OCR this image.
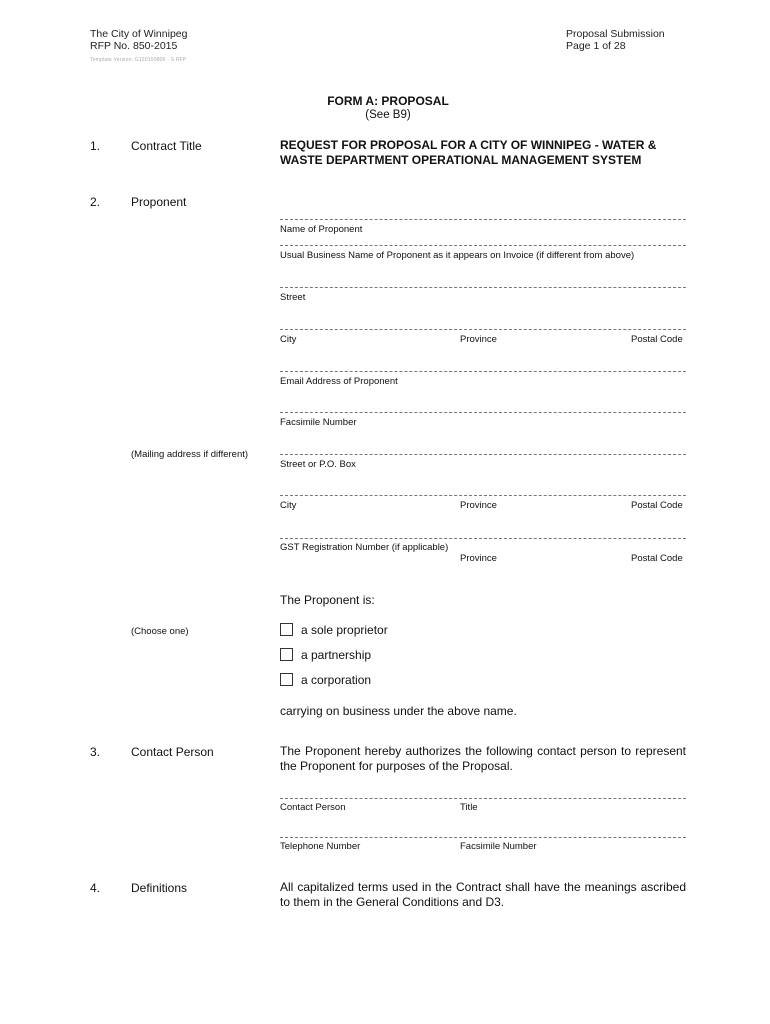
The City of Winnipeg
RFP No. 850-2015
Template Version: G120150806 - S RFP
Proposal Submission
Page 1 of 28
FORM A: PROPOSAL
(See B9)
1.	Contract Title	REQUEST FOR PROPOSAL FOR A CITY OF WINNIPEG - WATER &
WASTE DEPARTMENT OPERATIONAL MANAGEMENT SYSTEM
2.	Proponent
Name of Proponent
Usual Business Name of Proponent as it appears on Invoice (if different from above)
Street
City	Province	Postal Code
Email Address of Proponent
Facsimile Number
(Mailing address if different)
Street or P.O. Box
City	Province	Postal Code
GST Registration Number (if applicable)
Province	Postal Code
The Proponent is:
(Choose one)	a sole proprietor
a partnership
a corporation
carrying on business under the above name.
3.	Contact Person	The Proponent hereby authorizes the following contact person to represent the Proponent for purposes of the Proposal.
Contact Person	Title
Telephone Number	Facsimile Number
4.	Definitions	All capitalized terms used in the Contract shall have the meanings ascribed to them in the General Conditions and D3.
